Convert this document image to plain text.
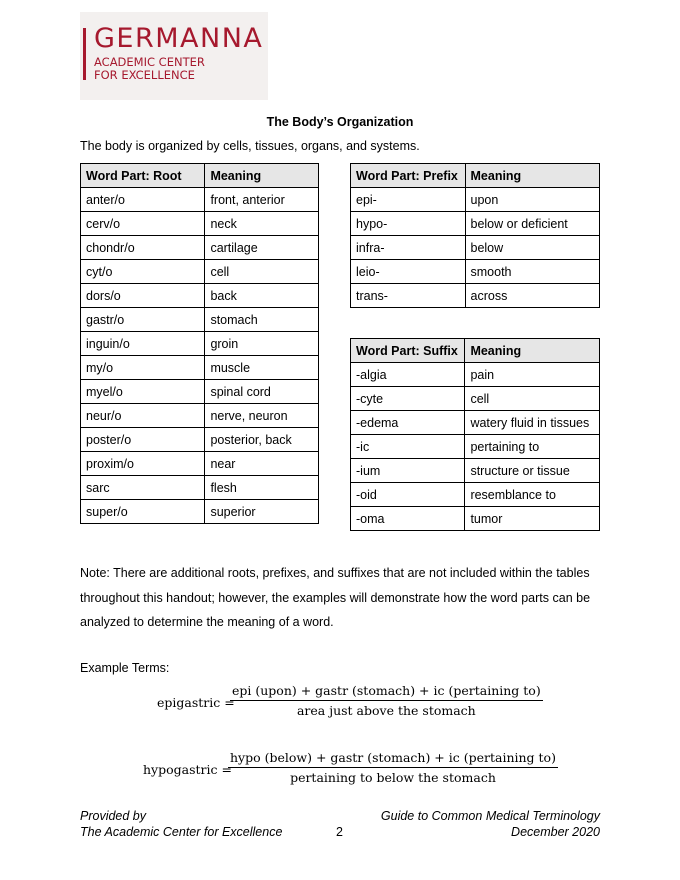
GERMANNA
ACADEMIC CENTER
FOR EXCELLENCE
The Body’s Organization
The body is organized by cells, tissues, organs, and systems.
Word Part: Root	Meaning
anter/o	front, anterior
cerv/o	neck
chondr/o	cartilage
cyt/o	cell
dors/o	back
gastr/o	stomach
inguin/o	groin
my/o	muscle
myel/o	spinal cord
neur/o	nerve, neuron
poster/o	posterior, back
proxim/o	near
sarc	flesh
super/o	superior
Word Part: Prefix	Meaning
epi-	upon
hypo-	below or deficient
infra-	below
leio-	smooth
trans-	across
Word Part: Suffix	Meaning
-algia	pain
-cyte	cell
-edema	watery fluid in tissues
-ic	pertaining to
-ium	structure or tissue
-oid	resemblance to
-oma	tumor
Note: There are additional roots, prefixes, and suffixes that are not included within the tables throughout this handout; however, the examples will demonstrate how the word parts can be analyzed to determine the meaning of a word.
Example Terms:
epigastric =
epi (upon) + gastr (stomach) + ic (pertaining to)
area just above the stomach
hypogastric =
hypo (below) + gastr (stomach) + ic (pertaining to)
pertaining to below the stomach
Provided by
The Academic Center for Excellence	2
Guide to Common Medical Terminology
December 2020
